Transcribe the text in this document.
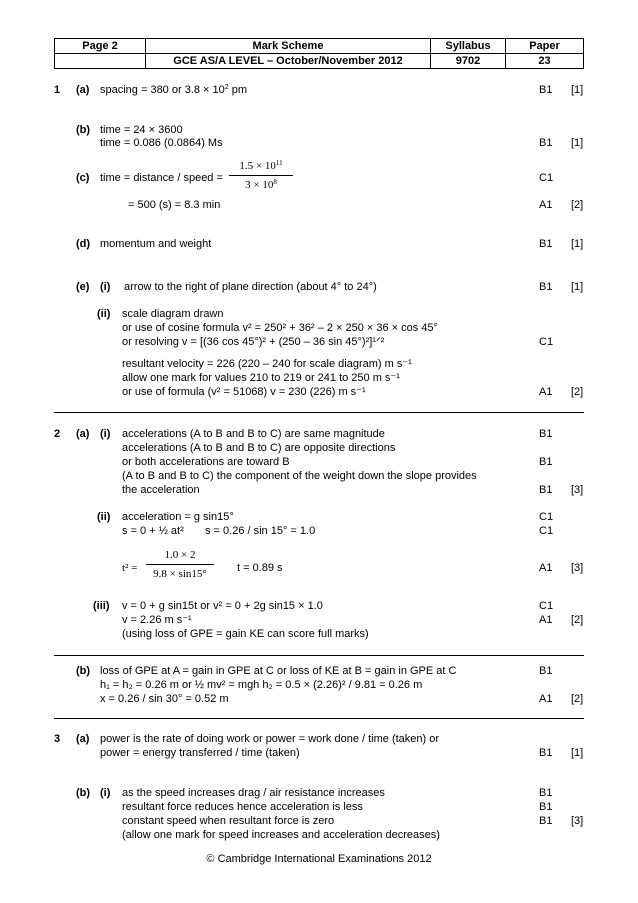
Page 2	Mark Scheme	Syllabus	Paper
	GCE AS/A LEVEL – October/November 2012	9702	23
1 (a) spacing = 380 or $3.8 \times 10^2$ pm	B1 [1]
(b) time = 24 × 3600
time = 0.086 (0.0864) Ms	B1 [1]
(c) time = distance / speed =
$1.5 \times 10^{11}$
$3 \times 10^8$	C1
= 500 (s) = 8.3 min	A1 [2]
(d) momentum and weight	B1 [1]
(e) (i) arrow to the right of plane direction (about 4° to 24°)	B1 [1]
(ii) scale diagram drawn
or use of cosine formula v² = 250² + 36² – 2 × 250 × 36 × cos 45°
or resolving v = [(36 cos 45°)² + (250 – 36 sin 45°)²]¹ᐟ²	C1
resultant velocity = 226 (220 – 240 for scale diagram) m s⁻¹
allow one mark for values 210 to 219 or 241 to 250 m s⁻¹
or use of formula (v² = 51068) v = 230 (226) m s⁻¹	A1 [2]
2 (a) (i) accelerations (A to B and B to C) are same magnitude	B1
accelerations (A to B and B to C) are opposite directions
or both accelerations are toward B	B1
(A to B and B to C) the component of the weight down the slope provides
the acceleration	B1 [3]
(ii) acceleration = g sin15°	C1
s = 0 + ½ at² s = 0.26 / sin 15° = 1.0	C1
t² =
1.0 × 2
9.8 × sin15°	t = 0.89 s	A1 [3]
(iii) v = 0 + g sin15t or v² = 0 + 2g sin15 × 1.0	C1
v = 2.26 m s⁻¹	A1 [2]
(using loss of GPE = gain KE can score full marks)
(b) loss of GPE at A = gain in GPE at C or loss of KE at B = gain in GPE at C	B1
h₁ = h₂ = 0.26 m or ½ mv² = mgh h₂ = 0.5 × (2.26)² / 9.81 = 0.26 m
x = 0.26 / sin 30° = 0.52 m	A1 [2]
3 (a) power is the rate of doing work or power = work done / time (taken) or
power = energy transferred / time (taken)	B1 [1]
(b) (i) as the speed increases drag / air resistance increases	B1
resultant force reduces hence acceleration is less	B1
constant speed when resultant force is zero	B1 [3]
(allow one mark for speed increases and acceleration decreases)
© Cambridge International Examinations 2012
